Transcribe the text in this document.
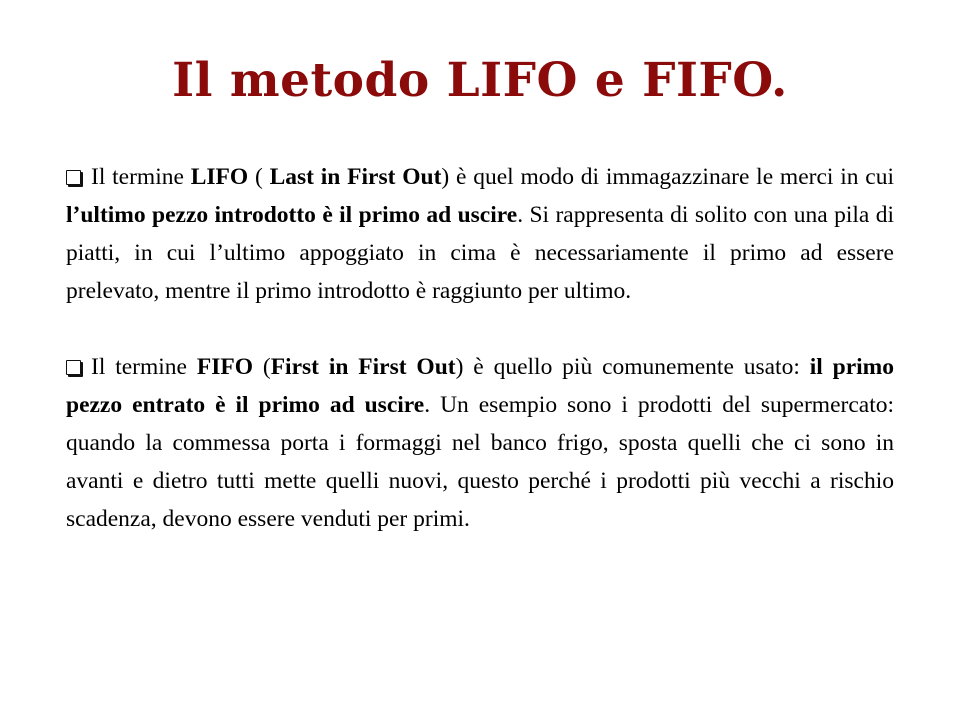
Il metodo LIFO e FIFO.

Il termine LIFO ( Last in First Out) è quel modo di immagazzinare le merci in cui l’ultimo pezzo introdotto è il primo ad uscire. Si rappresenta di solito con una pila di piatti, in cui l’ultimo appoggiato in cima è necessariamente il primo ad essere prelevato, mentre il primo introdotto è raggiunto per ultimo.

Il termine FIFO (First in First Out) è quello più comunemente usato: il primo pezzo entrato è il primo ad uscire. Un esempio sono i prodotti del supermercato: quando la commessa porta i formaggi nel banco frigo, sposta quelli che ci sono in avanti e dietro tutti mette quelli nuovi, questo perché i prodotti più vecchi a rischio scadenza, devono essere venduti per primi.
